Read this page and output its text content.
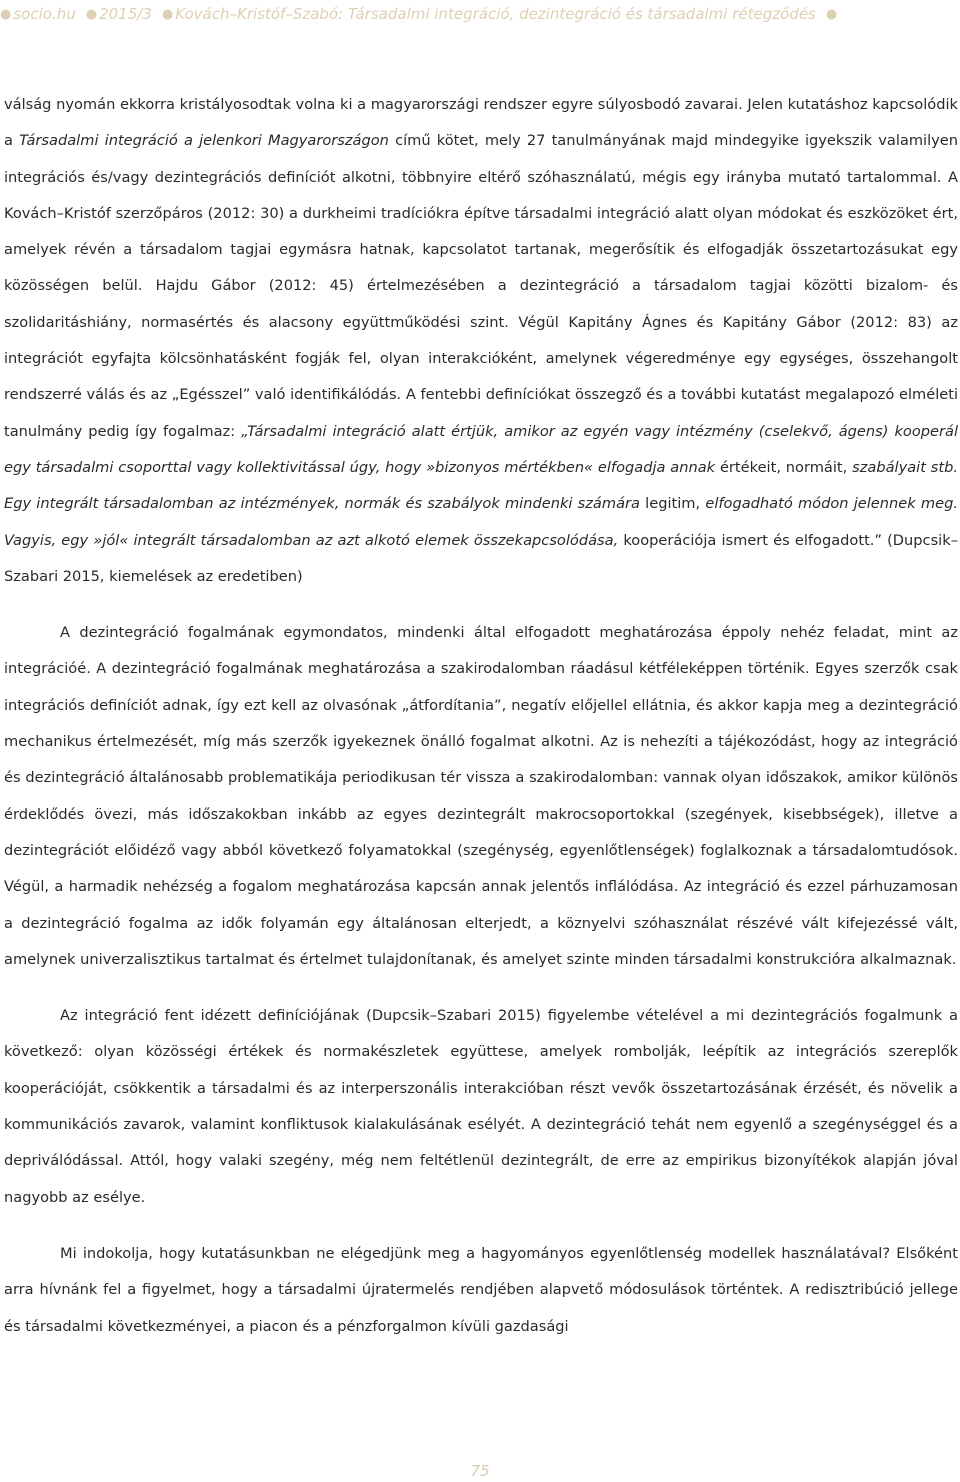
● socio.hu ● 2015/3 ● Kovách–Kristóf–Szabó: Társadalmi integráció, dezintegráció és társadalmi rétegződés ●

válság nyomán ekkorra kristályosodtak volna ki a magyarországi rendszer egyre súlyosbodó zavarai. Jelen kutatáshoz kapcsolódik a Társadalmi integráció a jelenkori Magyarországon című kötet, mely 27 tanulmányának majd mindegyike igyekszik valamilyen integrációs és/vagy dezintegrációs definíciót alkotni, többnyire eltérő szóhasználatú, mégis egy irányba mutató tartalommal. A Kovách–Kristóf szerzőpáros (2012: 30) a durkheimi tradíciókra építve társadalmi integráció alatt olyan módokat és eszközöket ért, amelyek révén a társadalom tagjai egymásra hatnak, kapcsolatot tartanak, megerősítik és elfogadják összetartozásukat egy közösségen belül. Hajdu Gábor (2012: 45) értelmezésében a dezintegráció a társadalom tagjai közötti bizalom- és szolidaritáshiány, normasértés és alacsony együttműködési szint. Végül Kapitány Ágnes és Kapitány Gábor (2012: 83) az integrációt egyfajta kölcsönhatásként fogják fel, olyan interakcióként, amelynek végeredménye egy egységes, összehangolt rendszerré válás és az „Egésszel” való identifikálódás. A fentebbi definíciókat összegző és a további kutatást megalapozó elméleti tanulmány pedig így fogalmaz: „Társadalmi integráció alatt értjük, amikor az egyén vagy intézmény (cselekvő, ágens) kooperál egy társadalmi csoporttal vagy kollektivitással úgy, hogy »bizonyos mértékben« elfogadja annak értékeit, normáit, szabályait stb. Egy integrált társadalomban az intézmények, normák és szabályok mindenki számára legitim, elfogadható módon jelennek meg. Vagyis, egy »jól« integrált társadalomban az azt alkotó elemek összekapcsolódása, kooperációja ismert és elfogadott.” (Dupcsik–Szabari 2015, kiemelések az eredetiben)

A dezintegráció fogalmának egymondatos, mindenki által elfogadott meghatározása éppoly nehéz feladat, mint az integrációé. A dezintegráció fogalmának meghatározása a szakirodalomban ráadásul kétféleképpen történik. Egyes szerzők csak integrációs definíciót adnak, így ezt kell az olvasónak „átfordítania”, negatív előjellel ellátnia, és akkor kapja meg a dezintegráció mechanikus értelmezését, míg más szerzők igyekeznek önálló fogalmat alkotni. Az is nehezíti a tájékozódást, hogy az integráció és dezintegráció általánosabb problematikája periodikusan tér vissza a szakirodalomban: vannak olyan időszakok, amikor különös érdeklődés övezi, más időszakokban inkább az egyes dezintegrált makrocsoportokkal (szegények, kisebbségek), illetve a dezintegrációt előidéző vagy abból következő folyamatokkal (szegénység, egyenlőtlenségek) foglalkoznak a társadalomtudósok. Végül, a harmadik nehézség a fogalom meghatározása kapcsán annak jelentős inflálódása. Az integráció és ezzel párhuzamosan a dezintegráció fogalma az idők folyamán egy általánosan elterjedt, a köznyelvi szóhasználat részévé vált kifejezéssé vált, amelynek univerzalisztikus tartalmat és értelmet tulajdonítanak, és amelyet szinte minden társadalmi konstrukcióra alkalmaznak.

Az integráció fent idézett definíciójának (Dupcsik–Szabari 2015) figyelembe vételével a mi dezintegrációs fogalmunk a következő: olyan közösségi értékek és normakészletek együttese, amelyek rombolják, leépítik az integrációs szereplők kooperációját, csökkentik a társadalmi és az interperszonális interakcióban részt vevők összetartozásának érzését, és növelik a kommunikációs zavarok, valamint konfliktusok kialakulásának esélyét. A dezintegráció tehát nem egyenlő a szegénységgel és a depriválódással. Attól, hogy valaki szegény, még nem feltétlenül dezintegrált, de erre az empirikus bizonyítékok alapján jóval nagyobb az esélye.

Mi indokolja, hogy kutatásunkban ne elégedjünk meg a hagyományos egyenlőtlenség modellek használatával? Elsőként arra hívnánk fel a figyelmet, hogy a társadalmi újratermelés rendjében alapvető módosulások történtek. A redisztribúció jellege és társadalmi következményei, a piacon és a pénzforgalmon kívüli gazdasági

75
